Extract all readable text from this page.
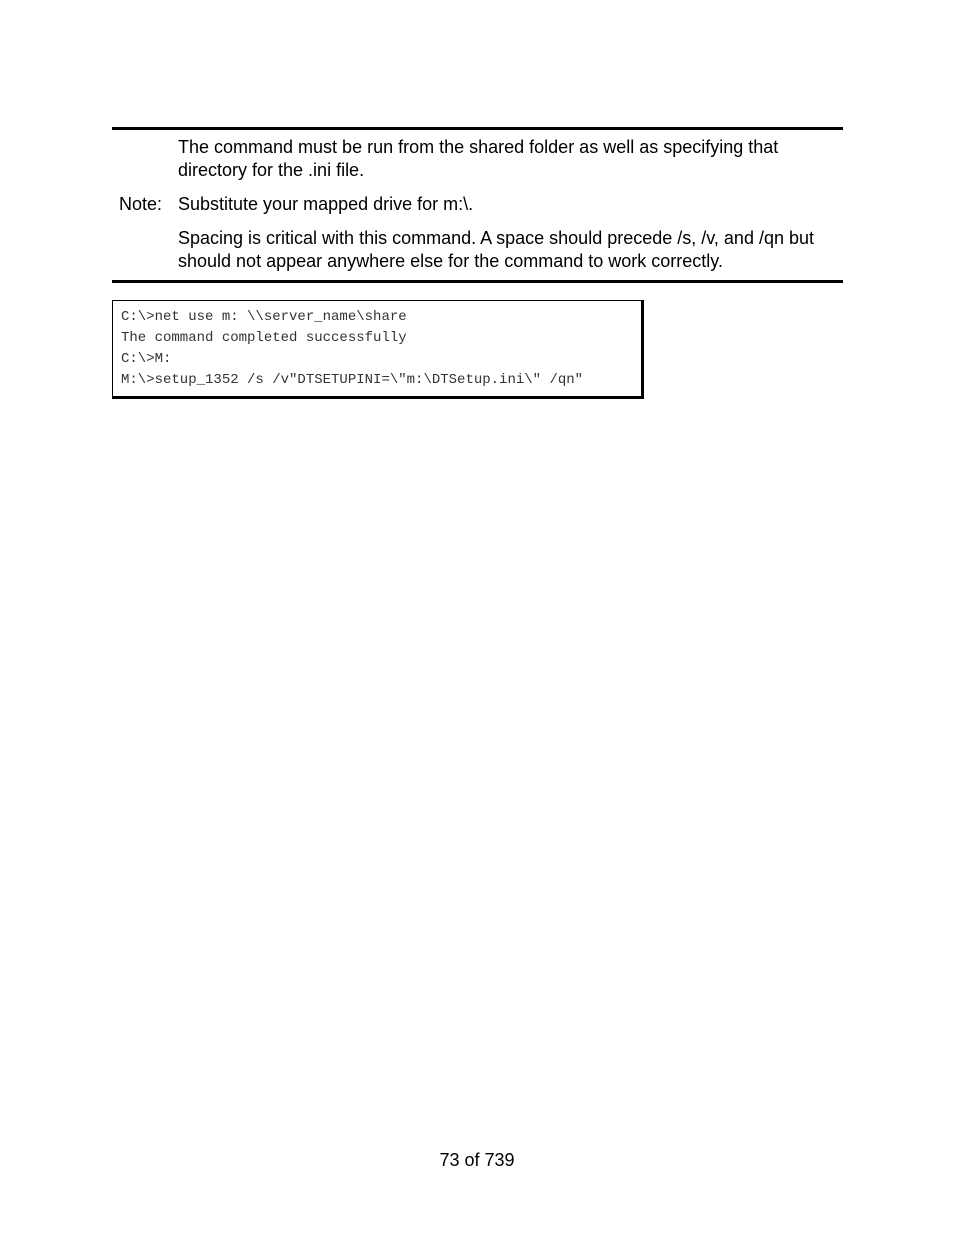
The command must be run from the shared folder as well as specifying that directory for the .ini file.
Note: Substitute your mapped drive for m:\.
Spacing is critical with this command. A space should precede /s, /v, and /qn but should not appear anywhere else for the command to work correctly.
C:\>net use m: \\server_name\share
The command completed successfully
C:\>M:
M:\>setup_1352 /s /v"DTSETUPINI=\"m:\DTSetup.ini\" /qn"
73 of 739
